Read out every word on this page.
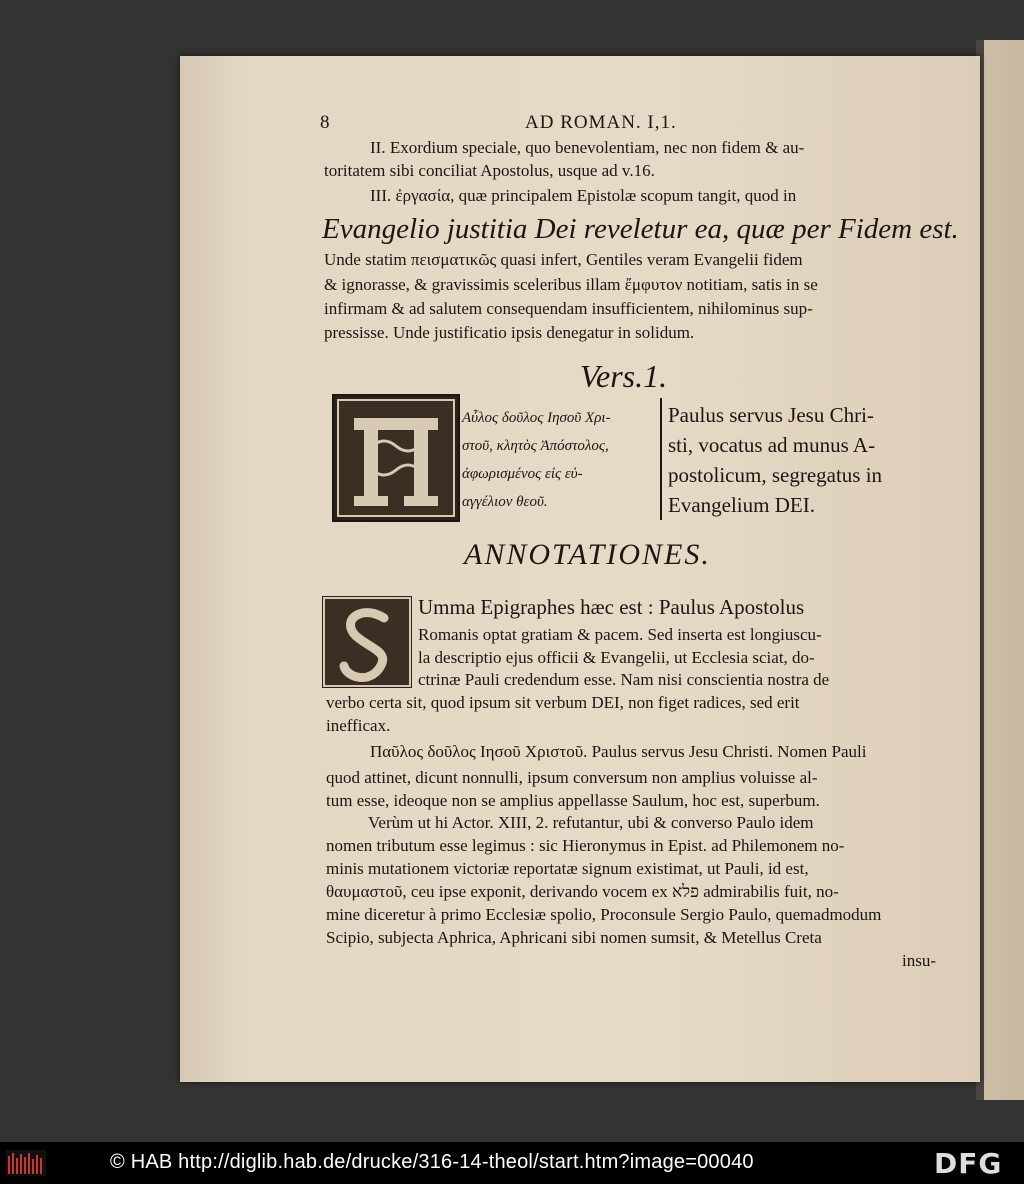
8	AD ROMAN. I,1.
II. Exordium speciale, quo benevolentiam, nec non fidem & au-
toritatem sibi conciliat Apostolus, usque ad v.16.
III. ἐργασία, quæ principalem Epistolæ scopum tangit, quod in
Evangelio justitia Dei reveletur ea, quæ per Fidem est.
Unde statim πεισματικῶς quasi infert, Gentiles veram Evangelii fidem
& ignorasse, & gravissimis sceleribus illam ἔμφυτον notitiam, satis in se
infirmam & ad salutem consequendam insufficientem, nihilominus sup-
pressisse. Unde justificatio ipsis denegatur in solidum.
Vers.1.
Αὖλος δοῦλος Ιησοῦ Χρι-
στοῦ, κλητὸς Ἀπόστολος,
ἀφωρισμένος εἰς εὐ-
αγγέλιον θεοῦ.
Paulus servus Jesu Chri-
sti, vocatus ad munus A-
postolicum, segregatus in
Evangelium DEI.
ANNOTATIONES.
Umma Epigraphes hæc est : Paulus Apostolus
Romanis optat gratiam & pacem. Sed inserta est longiuscu-
la descriptio ejus officii & Evangelii, ut Ecclesia sciat, do-
ctrinæ Pauli credendum esse. Nam nisi conscientia nostra de
verbo certa sit, quod ipsum sit verbum DEI, non figet radices, sed erit
inefficax.
Παῦλος δοῦλος Ιησοῦ Χριστοῦ. Paulus servus Jesu Christi. Nomen Pauli
quod attinet, dicunt nonnulli, ipsum conversum non amplius voluisse al-
tum esse, ideoque non se amplius appellasse Saulum, hoc est, superbum.
Verùm ut hi Actor. XIII, 2. refutantur, ubi & converso Paulo idem
nomen tributum esse legimus : sic Hieronymus in Epist. ad Philemonem no-
minis mutationem victoriæ reportatæ signum existimat, ut Pauli, id est,
θαυμαστοῦ, ceu ipse exponit, derivando vocem ex פלא admirabilis fuit, no-
mine diceretur à primo Ecclesiæ spolio, Proconsule Sergio Paulo, quemadmodum
Scipio, subjecta Aphrica, Aphricani sibi nomen sumsit, & Metellus Creta
insu-
© HAB http://diglib.hab.de/drucke/316-14-theol/start.htm?image=00040	DFG
